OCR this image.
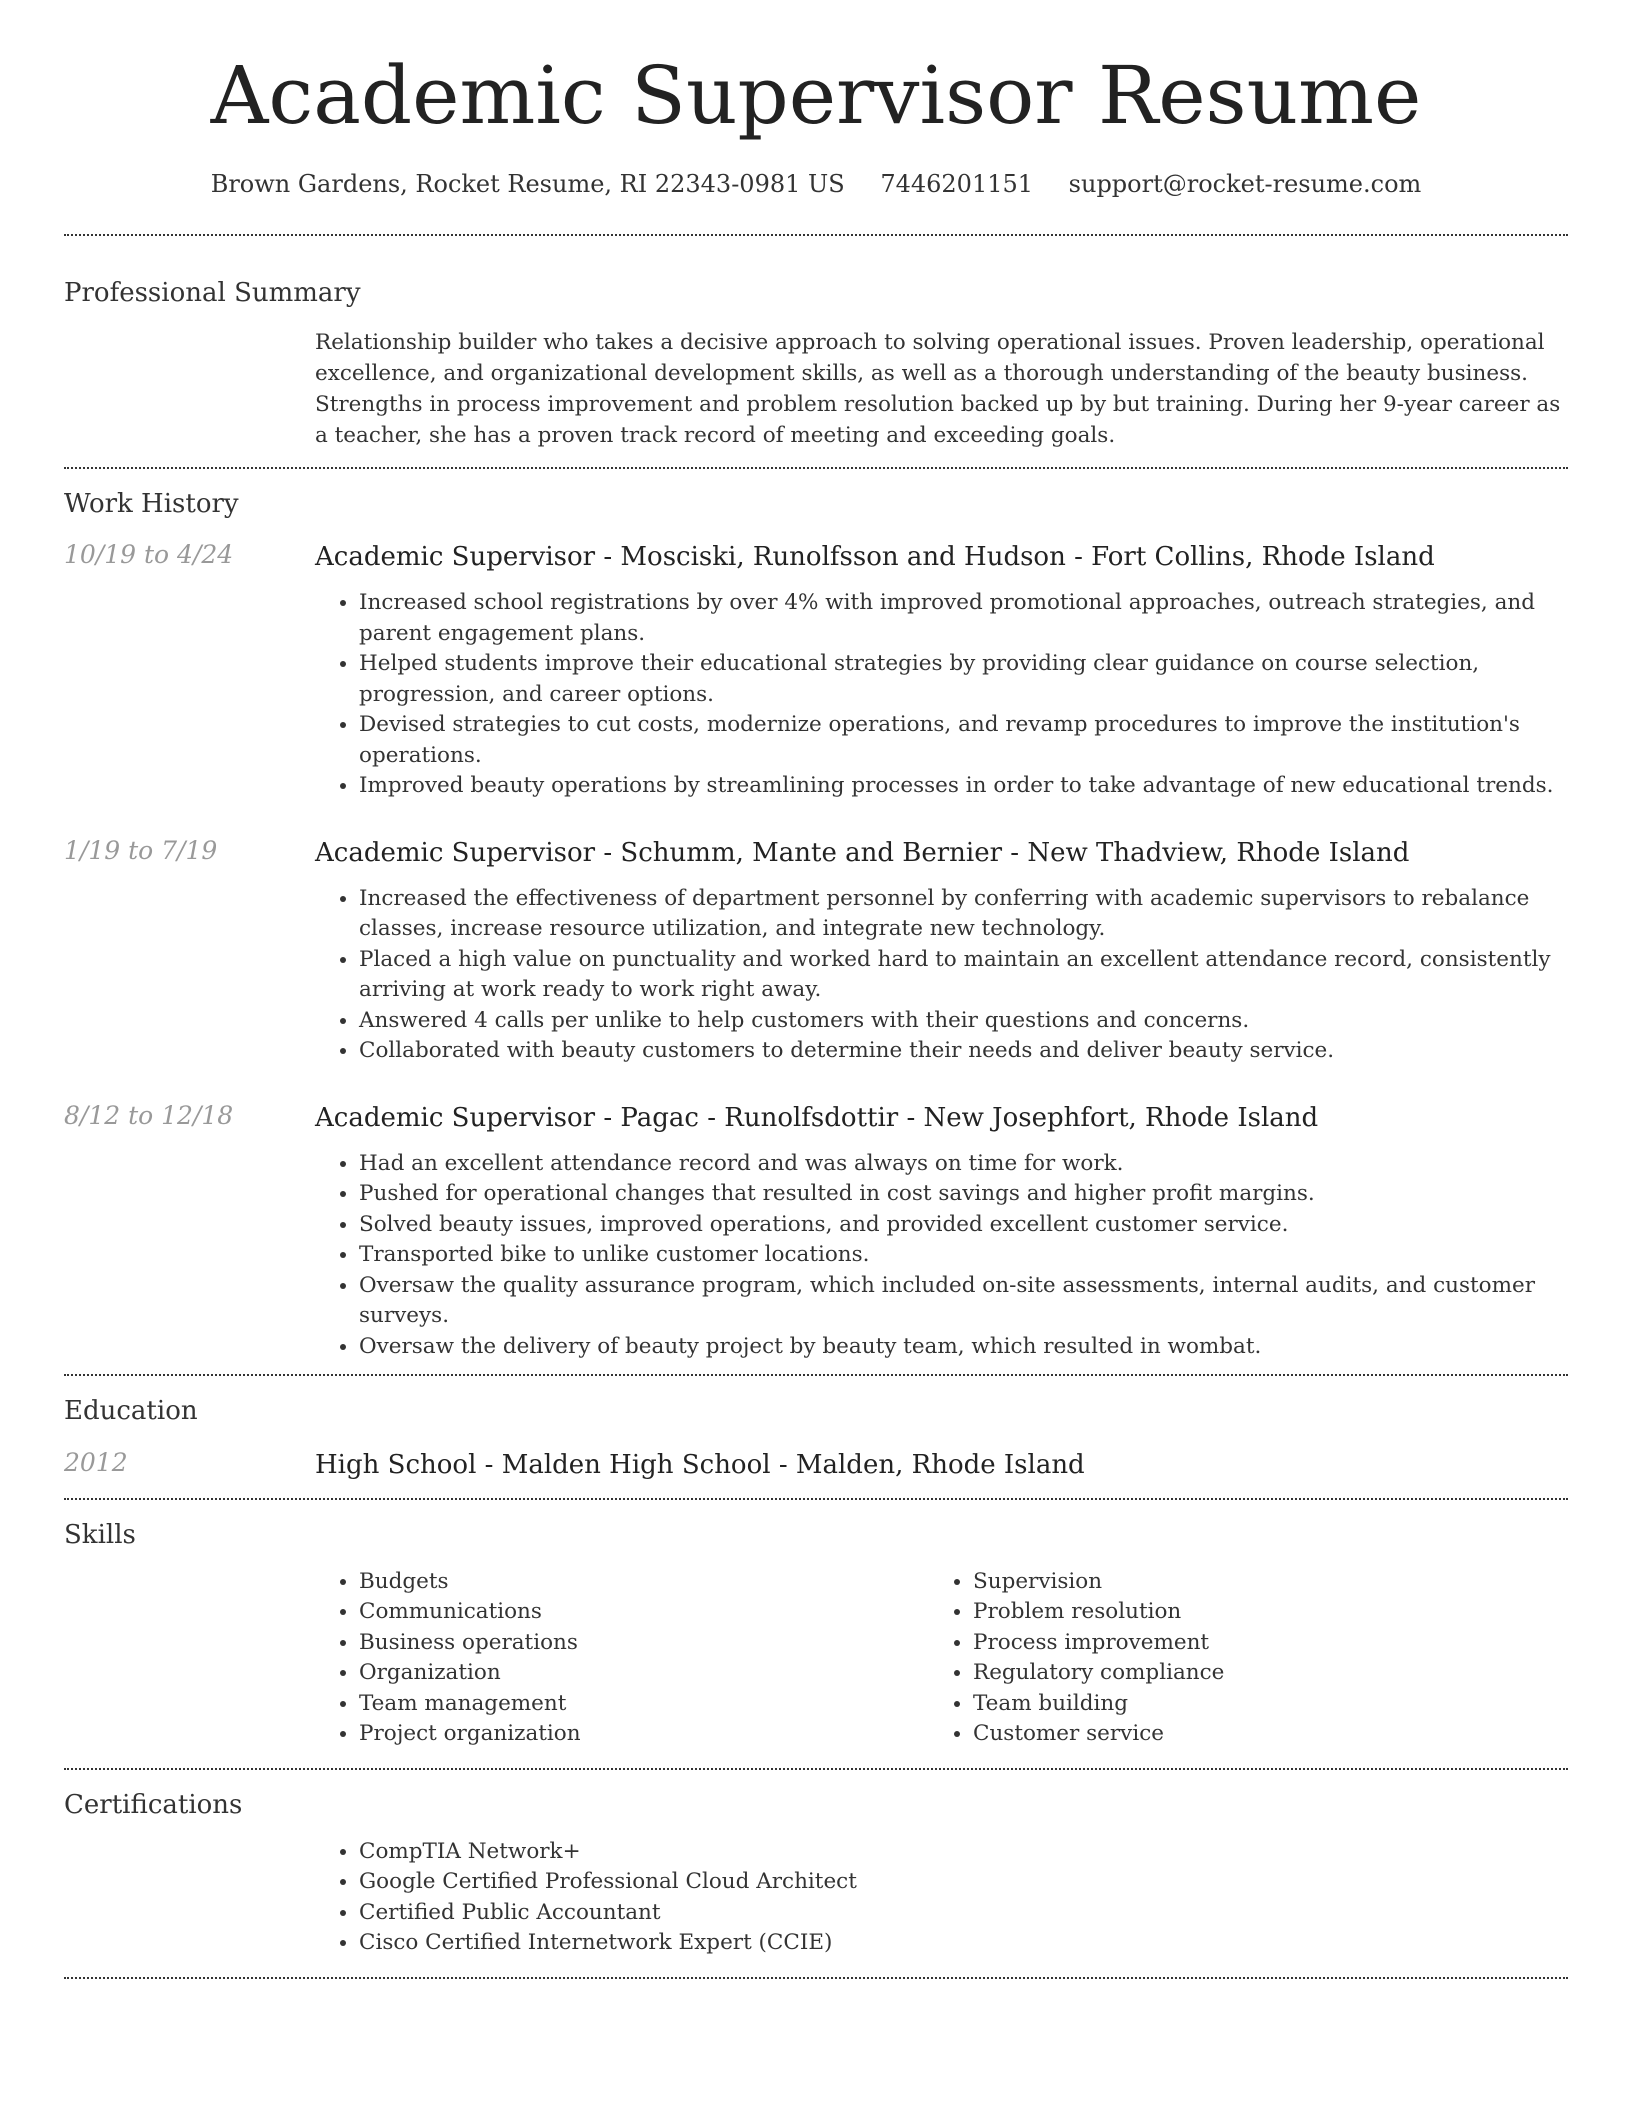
Academic Supervisor Resume
Brown Gardens, Rocket Resume, RI 22343-0981 US 7446201151 support@rocket-resume.com
Professional Summary
Relationship builder who takes a decisive approach to solving operational issues. Proven leadership, operational excellence, and organizational development skills, as well as a thorough understanding of the beauty business. Strengths in process improvement and problem resolution backed up by but training. During her 9-year career as a teacher, she has a proven track record of meeting and exceeding goals.
Work History
10/19 to 4/24	Academic Supervisor - Mosciski, Runolfsson and Hudson - Fort Collins, Rhode Island
• Increased school registrations by over 4% with improved promotional approaches, outreach strategies, and parent engagement plans.
• Helped students improve their educational strategies by providing clear guidance on course selection, progression, and career options.
• Devised strategies to cut costs, modernize operations, and revamp procedures to improve the institution's operations.
• Improved beauty operations by streamlining processes in order to take advantage of new educational trends.
1/19 to 7/19	Academic Supervisor - Schumm, Mante and Bernier - New Thadview, Rhode Island
• Increased the effectiveness of department personnel by conferring with academic supervisors to rebalance classes, increase resource utilization, and integrate new technology.
• Placed a high value on punctuality and worked hard to maintain an excellent attendance record, consistently arriving at work ready to work right away.
• Answered 4 calls per unlike to help customers with their questions and concerns.
• Collaborated with beauty customers to determine their needs and deliver beauty service.
8/12 to 12/18	Academic Supervisor - Pagac - Runolfsdottir - New Josephfort, Rhode Island
• Had an excellent attendance record and was always on time for work.
• Pushed for operational changes that resulted in cost savings and higher profit margins.
• Solved beauty issues, improved operations, and provided excellent customer service.
• Transported bike to unlike customer locations.
• Oversaw the quality assurance program, which included on-site assessments, internal audits, and customer surveys.
• Oversaw the delivery of beauty project by beauty team, which resulted in wombat.
Education
2012	High School - Malden High School - Malden, Rhode Island
Skills
• Budgets
• Communications
• Business operations
• Organization
• Team management
• Project organization
• Supervision
• Problem resolution
• Process improvement
• Regulatory compliance
• Team building
• Customer service
Certifications
• CompTIA Network+
• Google Certified Professional Cloud Architect
• Certified Public Accountant
• Cisco Certified Internetwork Expert (CCIE)
